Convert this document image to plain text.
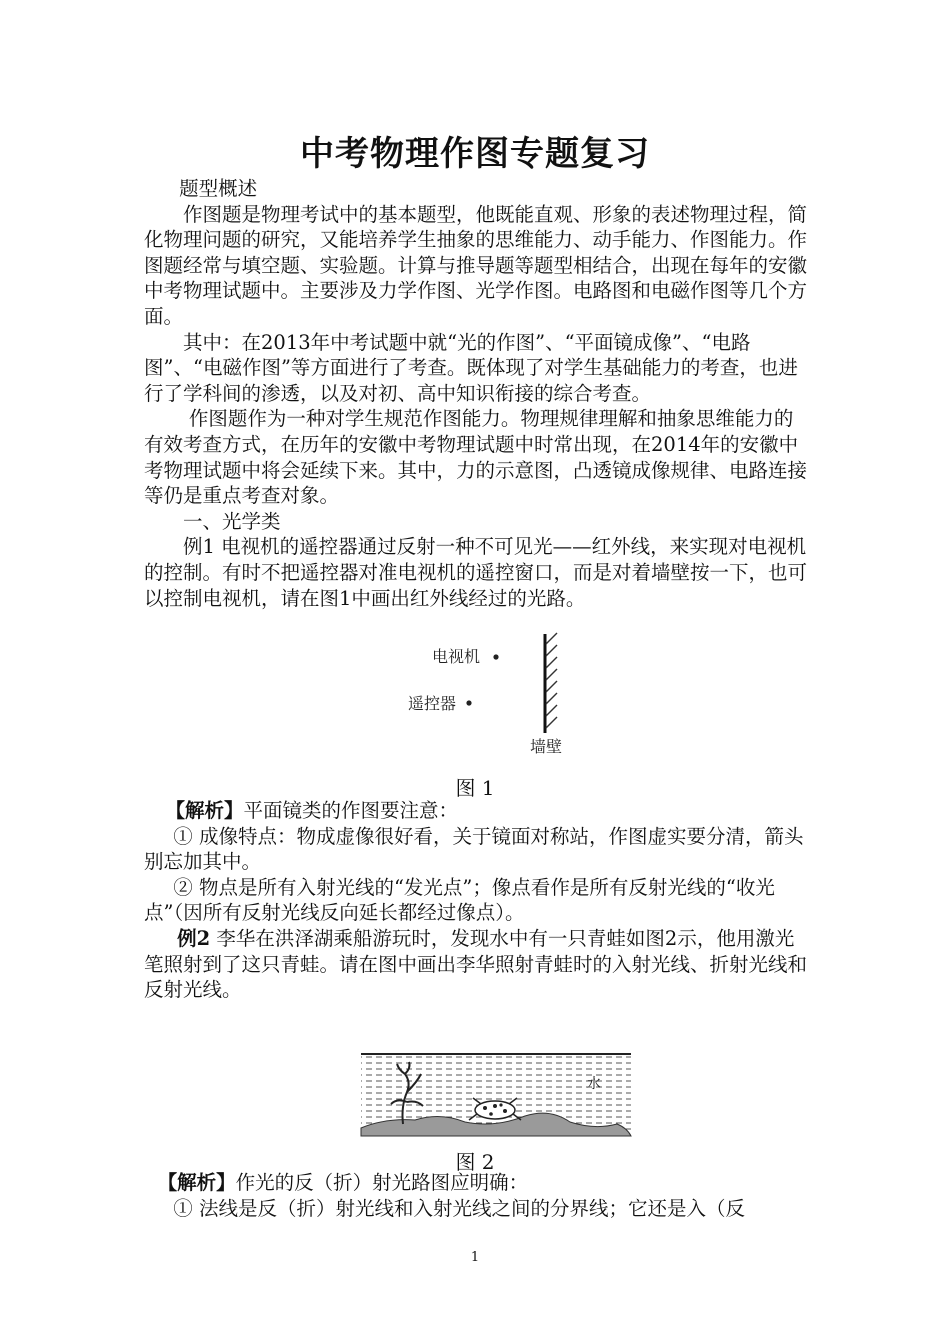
中考物理作图专题复习

题型概述

作图题是物理考试中的基本题型，他既能直观、形象的表述物理过程，简化物理问题的研究，又能培养学生抽象的思维能力、动手能力、作图能力。作图题经常与填空题、实验题。计算与推导题等题型相结合，出现在每年的安徽中考物理试题中。主要涉及力学作图、光学作图。电路图和电磁作图等几个方面。

其中：在2013年中考试题中就“光的作图”、“平面镜成像”、“电路图”、“电磁作图”等方面进行了考查。既体现了对学生基础能力的考查，也进行了学科间的渗透，以及对初、高中知识衔接的综合考查。

作图题作为一种对学生规范作图能力。物理规律理解和抽象思维能力的有效考查方式，在历年的安徽中考物理试题中时常出现，在2014年的安徽中考物理试题中将会延续下来。其中，力的示意图，凸透镜成像规律、电路连接等仍是重点考查对象。

一、光学类

例1 电视机的遥控器通过反射一种不可见光——红外线，来实现对电视机的控制。有时不把遥控器对准电视机的遥控窗口，而是对着墙壁按一下，也可以控制电视机，请在图1中画出红外线经过的光路。

电视机
遥控器
墙壁
图 1

【解析】平面镜类的作图要注意：

① 成像特点：物成虚像很好看，关于镜面对称站，作图虚实要分清，箭头别忘加其中。

② 物点是所有入射光线的“发光点”；像点看作是所有反射光线的“收光点”（因所有反射光线反向延长都经过像点）。

例2 李华在洪泽湖乘船游玩时，发现水中有一只青蛙如图2示，他用激光笔照射到了这只青蛙。请在图中画出李华照射青蛙时的入射光线、折射光线和反射光线。

水
图 2

【解析】作光的反（折）射光路图应明确：

① 法线是反（折）射光线和入射光线之间的分界线；它还是入（反

1
